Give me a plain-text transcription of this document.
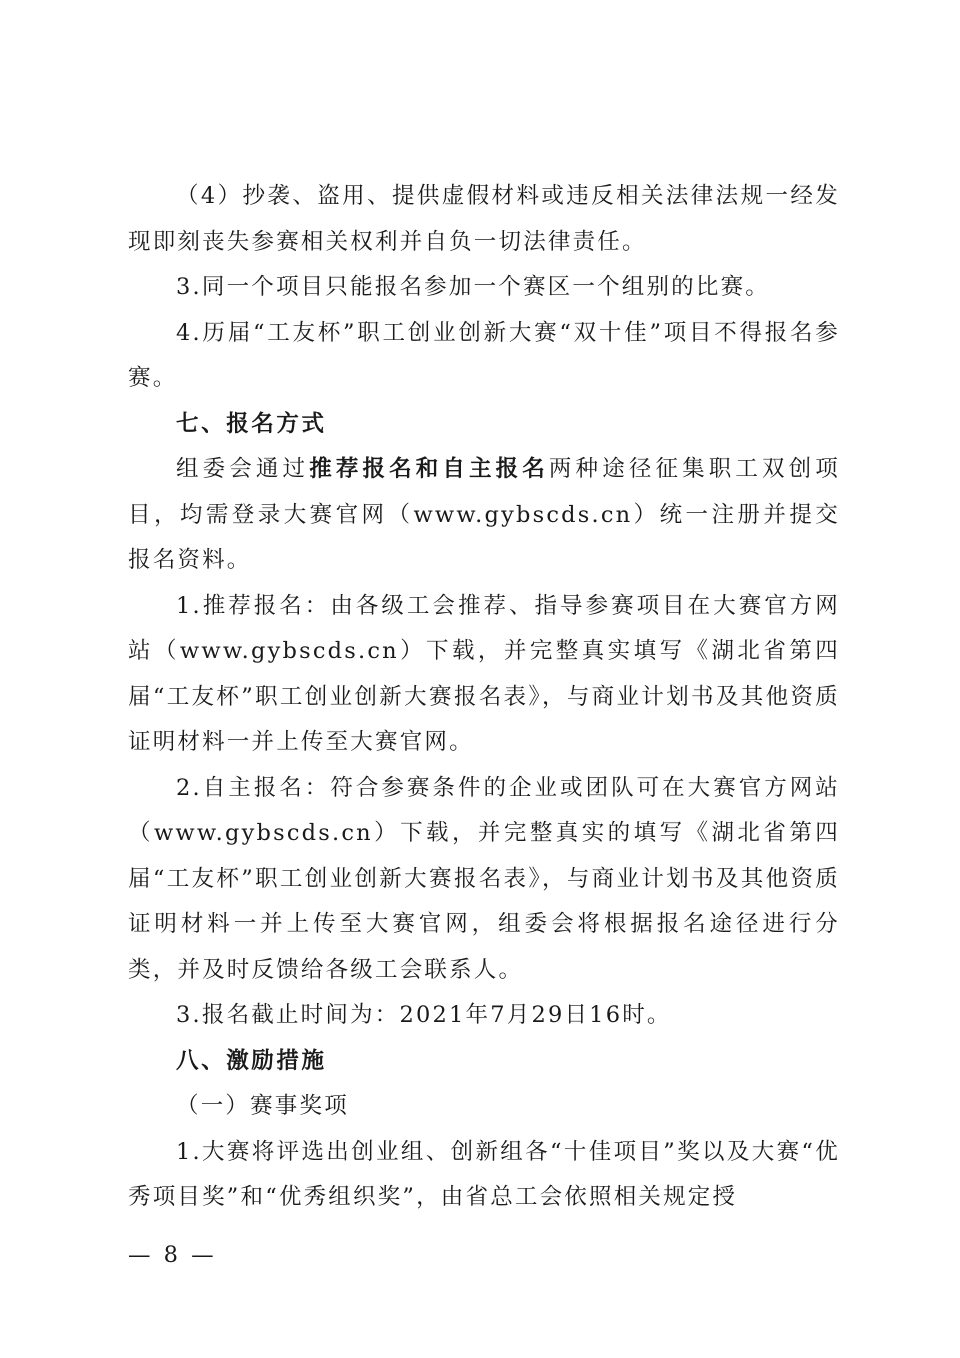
（4）抄袭、盗用、提供虚假材料或违反相关法律法规一经发现即刻丧失参赛相关权利并自负一切法律责任。

3.同一个项目只能报名参加一个赛区一个组别的比赛。

4.历届“工友杯”职工创业创新大赛“双十佳”项目不得报名参赛。

七、报名方式

组委会通过推荐报名和自主报名两种途径征集职工双创项目，均需登录大赛官网（www.gybscds.cn）统一注册并提交报名资料。

1.推荐报名：由各级工会推荐、指导参赛项目在大赛官方网站（www.gybscds.cn）下载，并完整真实填写《湖北省第四届“工友杯”职工创业创新大赛报名表》，与商业计划书及其他资质证明材料一并上传至大赛官网。

2.自主报名：符合参赛条件的企业或团队可在大赛官方网站（www.gybscds.cn）下载，并完整真实的填写《湖北省第四届“工友杯”职工创业创新大赛报名表》，与商业计划书及其他资质证明材料一并上传至大赛官网，组委会将根据报名途径进行分类，并及时反馈给各级工会联系人。

3.报名截止时间为：2021年7月29日16时。

八、激励措施

（一）赛事奖项

1.大赛将评选出创业组、创新组各“十佳项目”奖以及大赛“优秀项目奖”和“优秀组织奖”，由省总工会依照相关规定授

— 8 —
